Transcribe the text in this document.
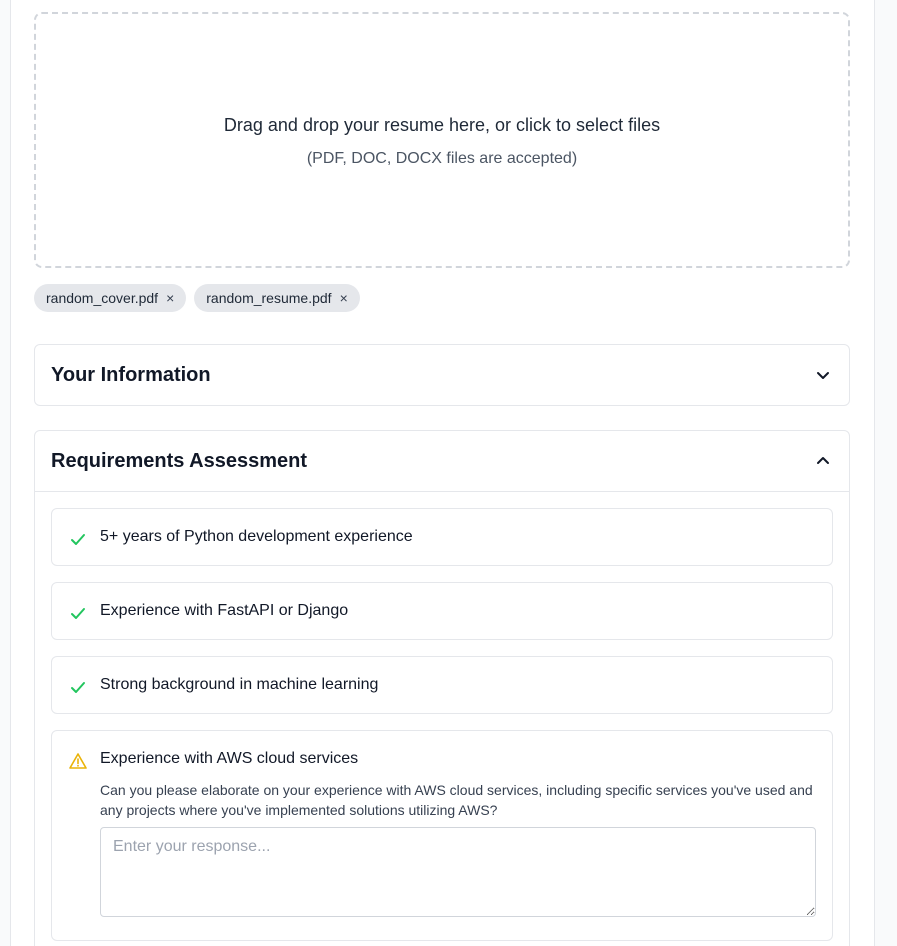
Drag and drop your resume here, or click to select files
(PDF, DOC, DOCX files are accepted)
random_cover.pdf × random_resume.pdf ×
Your Information
Requirements Assessment
5+ years of Python development experience
Experience with FastAPI or Django
Strong background in machine learning
Experience with AWS cloud services
Can you please elaborate on your experience with AWS cloud services, including specific services you've used and any projects where you've implemented solutions utilizing AWS?
Enter your response...
